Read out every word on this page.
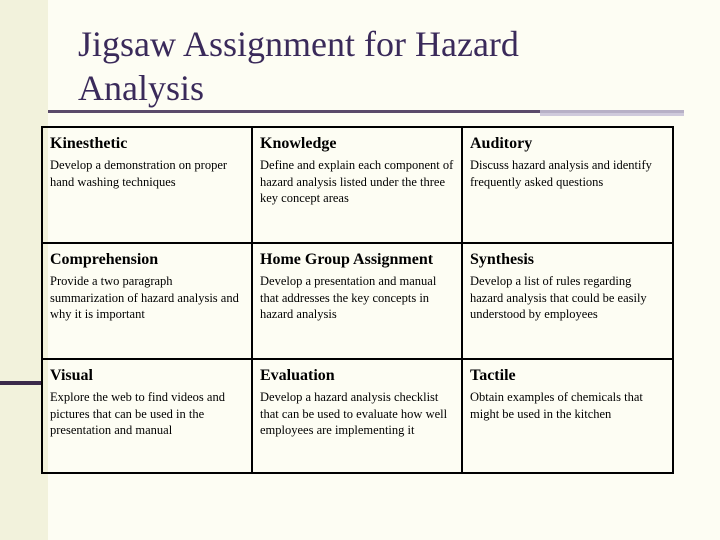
Jigsaw Assignment for Hazard
Analysis
Kinesthetic

Develop a demonstration on proper hand washing techniques

Knowledge

Define and explain each component of hazard analysis listed under the three key concept areas

Auditory

Discuss hazard analysis and identify frequently asked questions

Comprehension

Provide a two paragraph summarization of hazard analysis and why it is important

Home Group Assignment

Develop a presentation and manual that addresses the key concepts in hazard analysis

Synthesis

Develop a list of rules regarding hazard analysis that could be easily understood by employees

Visual

Explore the web to find videos and pictures that can be used in the presentation and manual

Evaluation

Develop a hazard analysis checklist that can be used to evaluate how well employees are implementing it

Tactile

Obtain examples of chemicals that might be used in the kitchen
